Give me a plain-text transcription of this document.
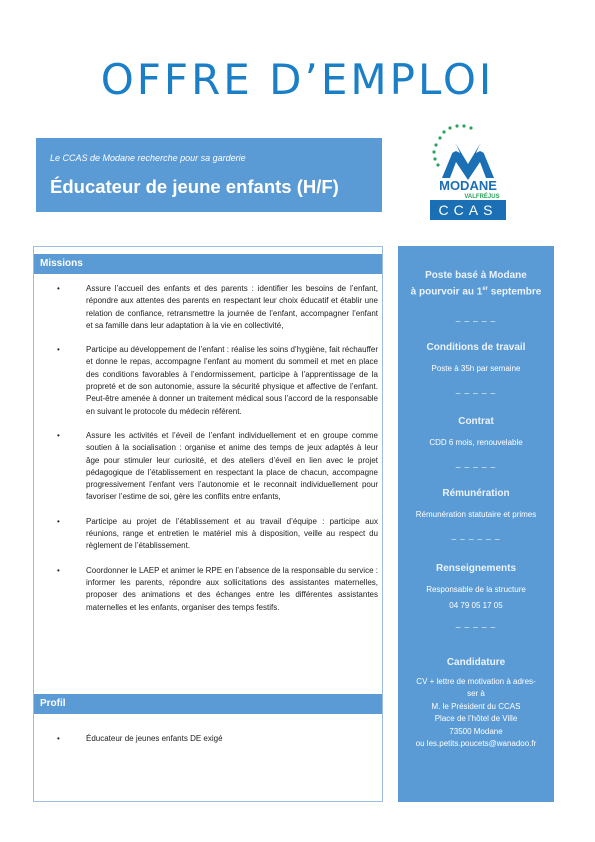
OFFRE D’EMPLOI
Le CCAS de Modane recherche pour sa garderie
Éducateur de jeune enfants (H/F)	MODANE
VALFRÉJUS
CCAS
Missions
•	Assure l’accueil des enfants et des parents : identifier les besoins de l’enfant, répondre aux attentes des parents en respectant leur choix éducatif et établir une relation de confiance, retransmettre la journée de l’enfant, accompagner l’enfant et sa famille dans leur adaptation à la vie en collectivité,
•	Participe au développement de l’enfant : réalise les soins d’hygiène, fait réchauffer et donne le repas, accompagne l’enfant au moment du sommeil et met en place des conditions favorables à l’endormissement, participe à l’apprentissage de la propreté et de son autonomie, assure la sécurité physique et affective de l’enfant. Peut-être amenée à donner un traitement médical sous l’accord de la responsable en suivant le protocole du médecin référent.
•	Assure les activités et l’éveil de l’enfant individuellement et en groupe comme soutien à la socialisation : organise et anime des temps de jeux adaptés à leur âge pour stimuler leur curiosité, et des ateliers d’éveil en lien avec le projet pédagogique de l’établissement en respectant la place de chacun, accompagne progressivement l’enfant vers l’autonomie et le reconnait individuellement pour favoriser l’estime de soi, gère les conflits entre enfants,
•	Participe au projet de l’établissement et au travail d’équipe : participe aux réunions, range et entretien le matériel mis à disposition, veille au respect du règlement de l’établissement.
•	Coordonner le LAEP et animer le RPE en l’absence de la responsable du service : informer les parents, répondre aux sollicitations des assistantes maternelles, proposer des animations et des échanges entre les différentes assistantes maternelles et les enfants, organiser des temps festifs.
Profil
•	Éducateur de jeunes enfants DE exigé
Poste basé à Modane
à pourvoir au 1er septembre
_ _ _ _ _
Conditions de travail
Poste à 35h par semaine
_ _ _ _ _
Contrat
CDD 6 mois, renouvelable
_ _ _ _ _
Rémunération
Rémunération statutaire et primes
_ _ _ _ _ _
Renseignements
Responsable de la structure
04 79 05 17 05
_ _ _ _ _
Candidature
CV + lettre de motivation à adres-
ser à
M. le Président du CCAS
Place de l’hôtel de Ville
73500 Modane
ou les.petits.poucets@wanadoo.fr
